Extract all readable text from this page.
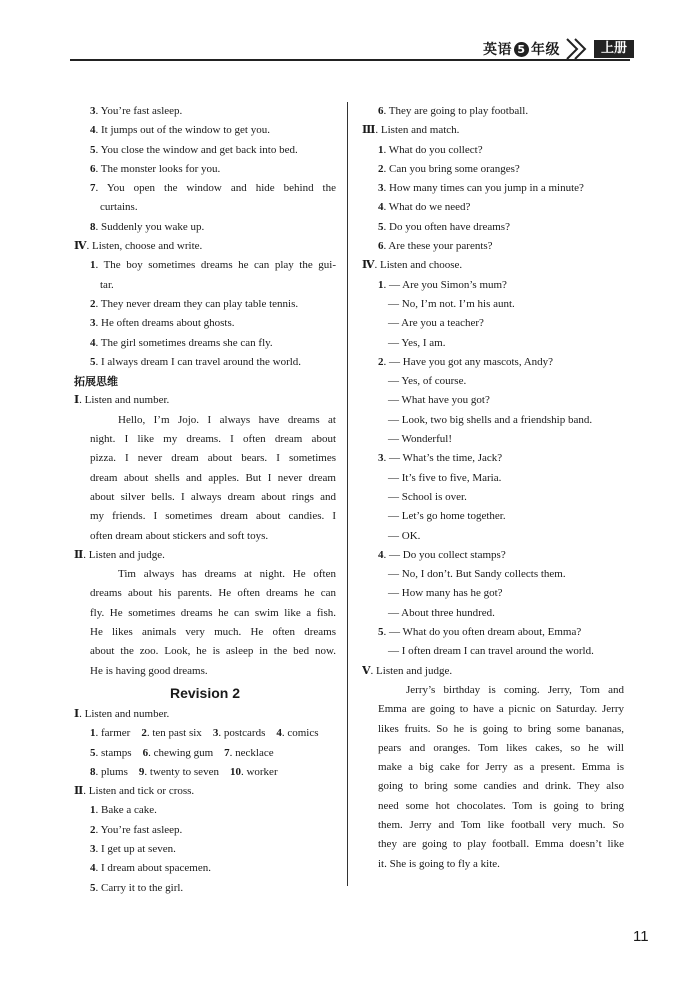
英语 5 年级	上册
3. You’re fast asleep.
4. It jumps out of the window to get you.
5. You close the window and get back into bed.
6. The monster looks for you.
7. You open the window and hide behind the
curtains.
8. Suddenly you wake up.
Ⅳ. Listen, choose and write.
1. The boy sometimes dreams he can play the gui-
tar.
2. They never dream they can play table tennis.
3. He often dreams about ghosts.
4. The girl sometimes dreams she can fly.
5. I always dream I can travel around the world.
拓展思维
Ⅰ. Listen and number.
Hello, I’m Jojo. I always have dreams at
night. I like my dreams. I often dream about
pizza. I never dream about bears. I sometimes
dream about shells and apples. But I never dream
about silver bells. I always dream about rings and
my friends. I sometimes dream about candies. I
often dream about stickers and soft toys.
Ⅱ. Listen and judge.
Tim always has dreams at night. He often
dreams about his parents. He often dreams he can
fly. He sometimes dreams he can swim like a fish.
He likes animals very much. He often dreams
about the zoo. Look, he is asleep in the bed now.
He is having good dreams.
Revision 2
Ⅰ. Listen and number.
1. farmer  2. ten past six  3. postcards  4. comics
5. stamps  6. chewing gum  7. necklace
8. plums  9. twenty to seven  10. worker
Ⅱ. Listen and tick or cross.
1. Bake a cake.
2. You’re fast asleep.
3. I get up at seven.
4. I dream about spacemen.
5. Carry it to the girl.
6. They are going to play football.
Ⅲ. Listen and match.
1. What do you collect?
2. Can you bring some oranges?
3. How many times can you jump in a minute?
4. What do we need?
5. Do you often have dreams?
6. Are these your parents?
Ⅳ. Listen and choose.
1. — Are you Simon’s mum?
— No, I’m not. I’m his aunt.
— Are you a teacher?
— Yes, I am.
2. — Have you got any mascots, Andy?
— Yes, of course.
— What have you got?
— Look, two big shells and a friendship band.
— Wonderful!
3. — What’s the time, Jack?
— It’s five to five, Maria.
— School is over.
— Let’s go home together.
— OK.
4. — Do you collect stamps?
— No, I don’t. But Sandy collects them.
— How many has he got?
— About three hundred.
5. — What do you often dream about, Emma?
— I often dream I can travel around the world.
Ⅴ. Listen and judge.
Jerry’s birthday is coming. Jerry, Tom and
Emma are going to have a picnic on Saturday. Jerry
likes fruits. So he is going to bring some bananas,
pears and oranges. Tom likes cakes, so he will
make a big cake for Jerry as a present. Emma is
going to bring some candies and drink. They also
need some hot chocolates. Tom is going to bring
them. Jerry and Tom like football very much. So
they are going to play football. Emma doesn’t like
it. She is going to fly a kite.
11
